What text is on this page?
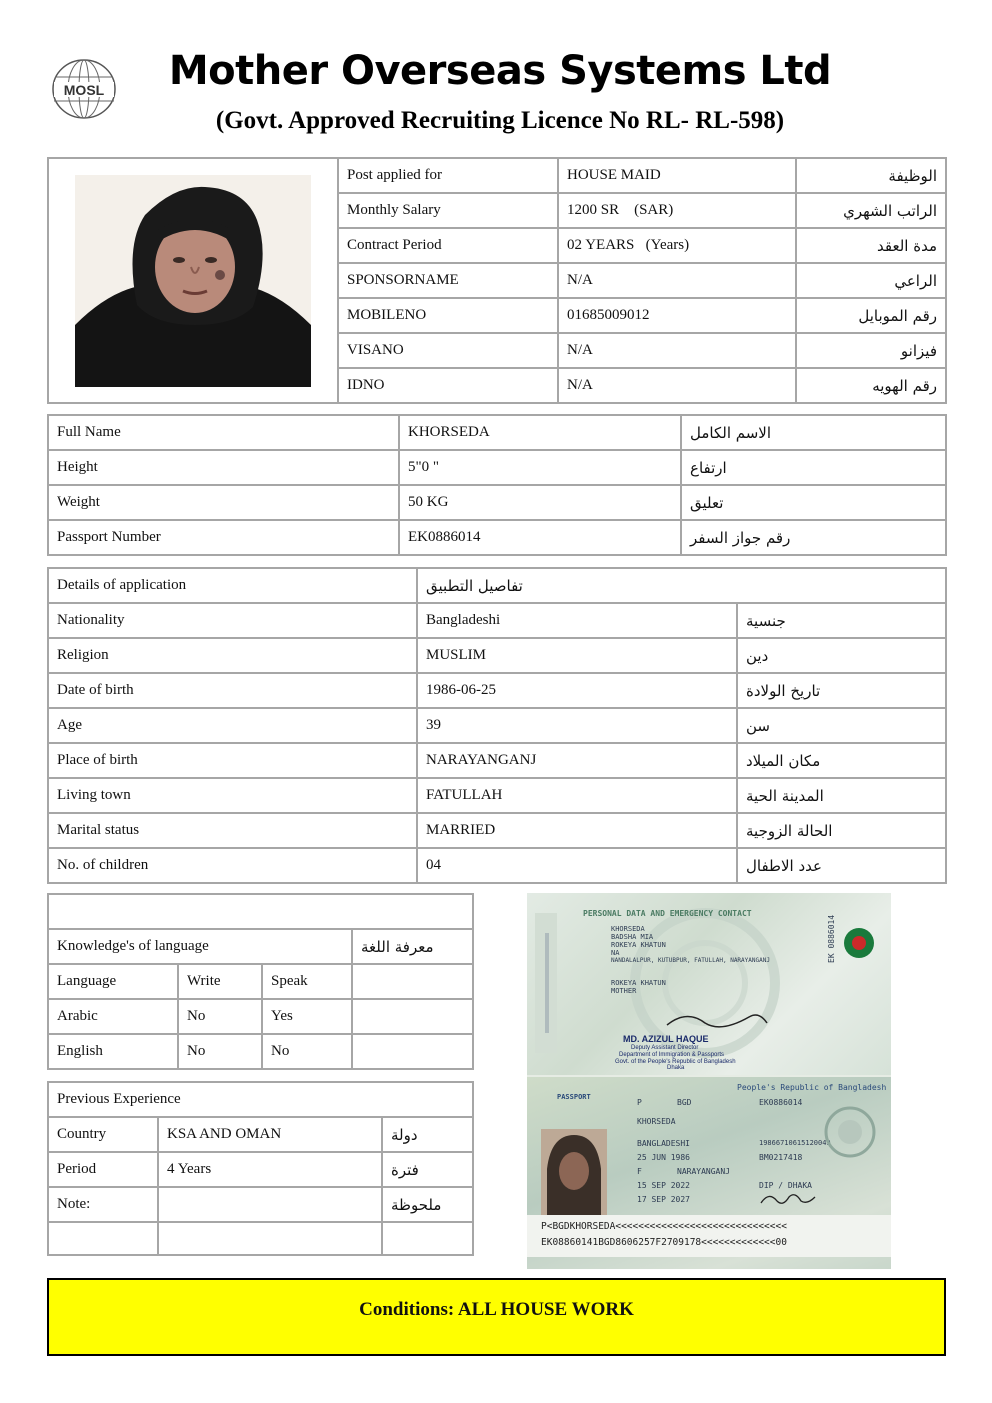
MOSL	Mother Overseas Systems Ltd
(Govt. Approved Recruiting Licence No RL- RL-598)
	Post applied for	HOUSE MAID	الوظيفة
	Monthly Salary	1200 SR    (SAR)	الراتب الشهري
	Contract Period	02 YEARS   (Years)	مدة العقد
	SPONSORNAME	N/A	الراعي
	MOBILENO	01685009012	رقم الموبايل
	VISANO	N/A	فيزانو
	IDNO	N/A	رقم الهويه
Full Name	KHORSEDA	الاسم الكامل
Height	5"0 "	ارتفاع
Weight	50 KG	تعليق
Passport Number	EK0886014	رقم جواز السفر
Details of application	تفاصيل التطبيق	
Nationality	Bangladeshi	جنسية
Religion	MUSLIM	دين
Date of birth	1986-06-25	تاريخ الولادة
Age	39	سن
Place of birth	NARAYANGANJ	مكان الميلاد
Living town	FATULLAH	المدينة الحية
Marital status	MARRIED	الحالة الزوجية
No. of children	04	عدد الاطفال

Knowledge's of language			معرفة اللغة
Language	Write	Speak	
Arabic	No	Yes	
English	No	No	
Previous Experience		
Country	KSA AND OMAN	دولة
Period	4 Years	فترة
Note:		ملحوظة

PERSONAL DATA AND EMERGENCY CONTACT
KHORSEDA
BADSHA MIA
ROKEYA KHATUN
NA
NANDALALPUR, KUTUBPUR, FATULLAH, NARAYANGANJ
ROKEYA KHATUN
MOTHER
EK 0886014
MD. AZIZUL HAQUE
Deputy Assistant Director
Department of Immigration & Passports
Govt. of the People's Republic of Bangladesh
Dhaka
PASSPORT
People's Republic of Bangladesh
P	BGD	EK0886014
KHORSEDA
BANGLADESHI	19866710615120049
25 JUN 1986	BM0217418
F	NARAYANGANJ
15 SEP 2022	DIP / DHAKA
17 SEP 2027
P<BGDKHORSEDA<<<<<<<<<<<<<<<<<<<<<<<<<<<<<<
EK08860141BGD8606257F2709178<<<<<<<<<<<<<00
Conditions: ALL HOUSE WORK
